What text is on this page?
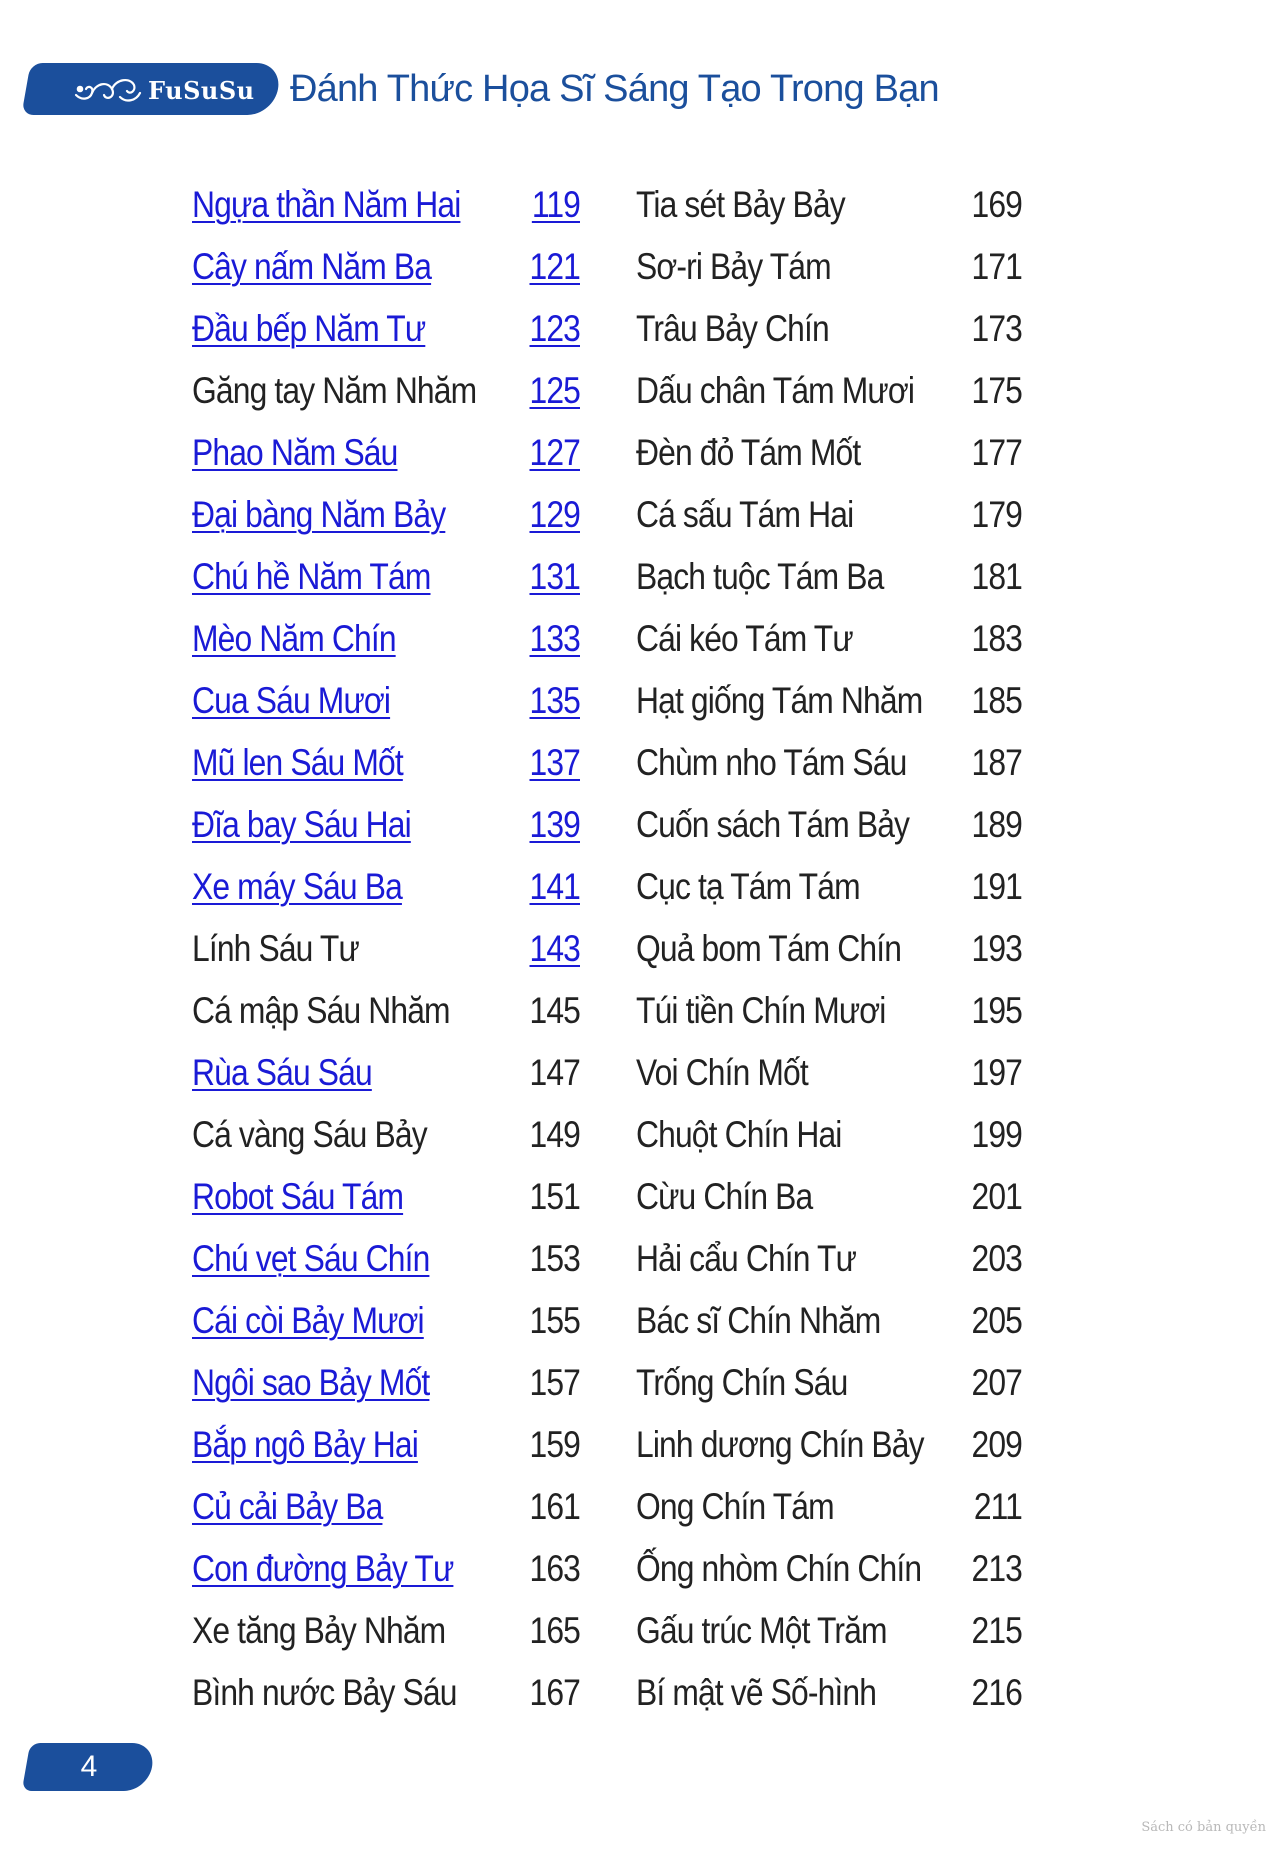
FuSuSu Đánh Thức Họa Sĩ Sáng Tạo Trong Bạn
Ngựa thần Năm Hai	119 Tia sét Bảy Bảy	169
Cây nấm Năm Ba	121 Sơ-ri Bảy Tám	171
Đầu bếp Năm Tư	123 Trâu Bảy Chín	173
Găng tay Năm Nhăm	125 Dấu chân Tám Mươi	175
Phao Năm Sáu	127 Đèn đỏ Tám Mốt	177
Đại bàng Năm Bảy	129 Cá sấu Tám Hai	179
Chú hề Năm Tám	131 Bạch tuộc Tám Ba	181
Mèo Năm Chín	133 Cái kéo Tám Tư	183
Cua Sáu Mươi	135 Hạt giống Tám Nhăm	185
Mũ len Sáu Mốt	137 Chùm nho Tám Sáu	187
Đĩa bay Sáu Hai	139 Cuốn sách Tám Bảy	189
Xe máy Sáu Ba	141 Cục tạ Tám Tám	191
Lính Sáu Tư	143 Quả bom Tám Chín	193
Cá mập Sáu Nhăm	145 Túi tiền Chín Mươi	195
Rùa Sáu Sáu	147 Voi Chín Mốt	197
Cá vàng Sáu Bảy	149 Chuột Chín Hai	199
Robot Sáu Tám	151 Cừu Chín Ba	201
Chú vẹt Sáu Chín	153 Hải cẩu Chín Tư	203
Cái còi Bảy Mươi	155 Bác sĩ Chín Nhăm	205
Ngôi sao Bảy Mốt	157 Trống Chín Sáu	207
Bắp ngô Bảy Hai	159 Linh dương Chín Bảy	209
Củ cải Bảy Ba	161 Ong Chín Tám	211
Con đường Bảy Tư	163 Ống nhòm Chín Chín	213
Xe tăng Bảy Nhăm	165 Gấu trúc Một Trăm	215
Bình nước Bảy Sáu	167 Bí mật vẽ Số-hình	216
4
Sách có bản quyền
